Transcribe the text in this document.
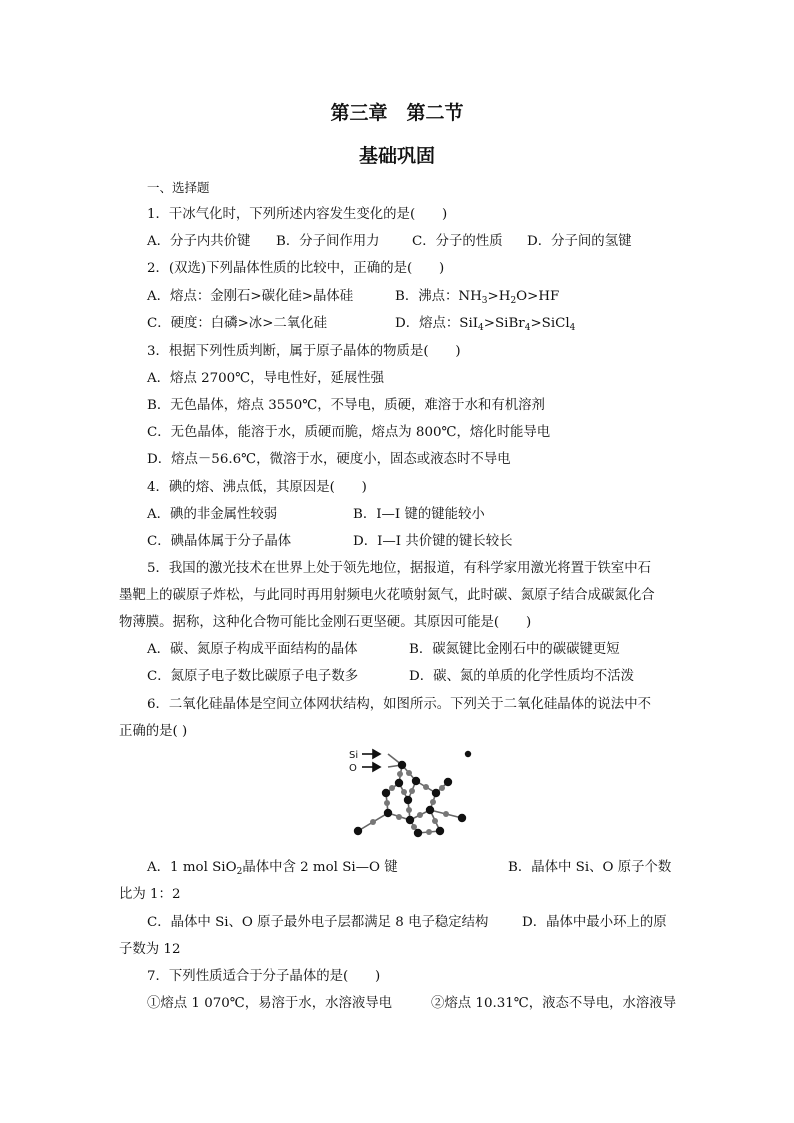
第三章　第二节
基础巩固
一、选择题
1．干冰气化时，下列所述内容发生变化的是(　　)
A．分子内共价键 B．分子间作用力 C．分子的性质 D．分子间的氢键
2．(双选)下列晶体性质的比较中，正确的是(　　)
A．熔点：金刚石>碳化硅>晶体硅	B．沸点：$NH_3>H_2O>HF$
C．硬度：白磷>冰>二氧化硅	D．熔点：SiI$_4$>SiBr$_4$>SiCl$_4$
3．根据下列性质判断，属于原子晶体的物质是(　　)
A．熔点 2700℃，导电性好，延展性强
B．无色晶体，熔点 3550℃，不导电，质硬，难溶于水和有机溶剂
C．无色晶体，能溶于水，质硬而脆，熔点为 800℃，熔化时能导电
D．熔点－56.6℃，微溶于水，硬度小，固态或液态时不导电
4．碘的熔、沸点低，其原因是(　　)
A．碘的非金属性较弱	B．I—I 键的键能较小
C．碘晶体属于分子晶体	D．I—I 共价键的键长较长
5．我国的激光技术在世界上处于领先地位，据报道，有科学家用激光将置于铁室中石
墨靶上的碳原子炸松，与此同时再用射频电火花喷射氮气，此时碳、氮原子结合成碳氮化合
物薄膜。据称，这种化合物可能比金刚石更坚硬。其原因可能是(　　)
A．碳、氮原子构成平面结构的晶体	B．碳氮键比金刚石中的碳碳键更短
C．氮原子电子数比碳原子电子数多	D．碳、氮的单质的化学性质均不活泼
6．二氧化硅晶体是空间立体网状结构，如图所示。下列关于二氧化硅晶体的说法中不
正确的是( )
Si
O
A．1 mol SiO$_2$晶体中含 2 mol Si—O 键	B．晶体中 Si、O 原子个数
比为 1：2
C．晶体中 Si、O 原子最外电子层都满足 8 电子稳定结构	D．晶体中最小环上的原
子数为 12
7．下列性质适合于分子晶体的是(　　)
①熔点 1 070℃，易溶于水，水溶液导电	②熔点 10.31℃，液态不导电，水溶液导
